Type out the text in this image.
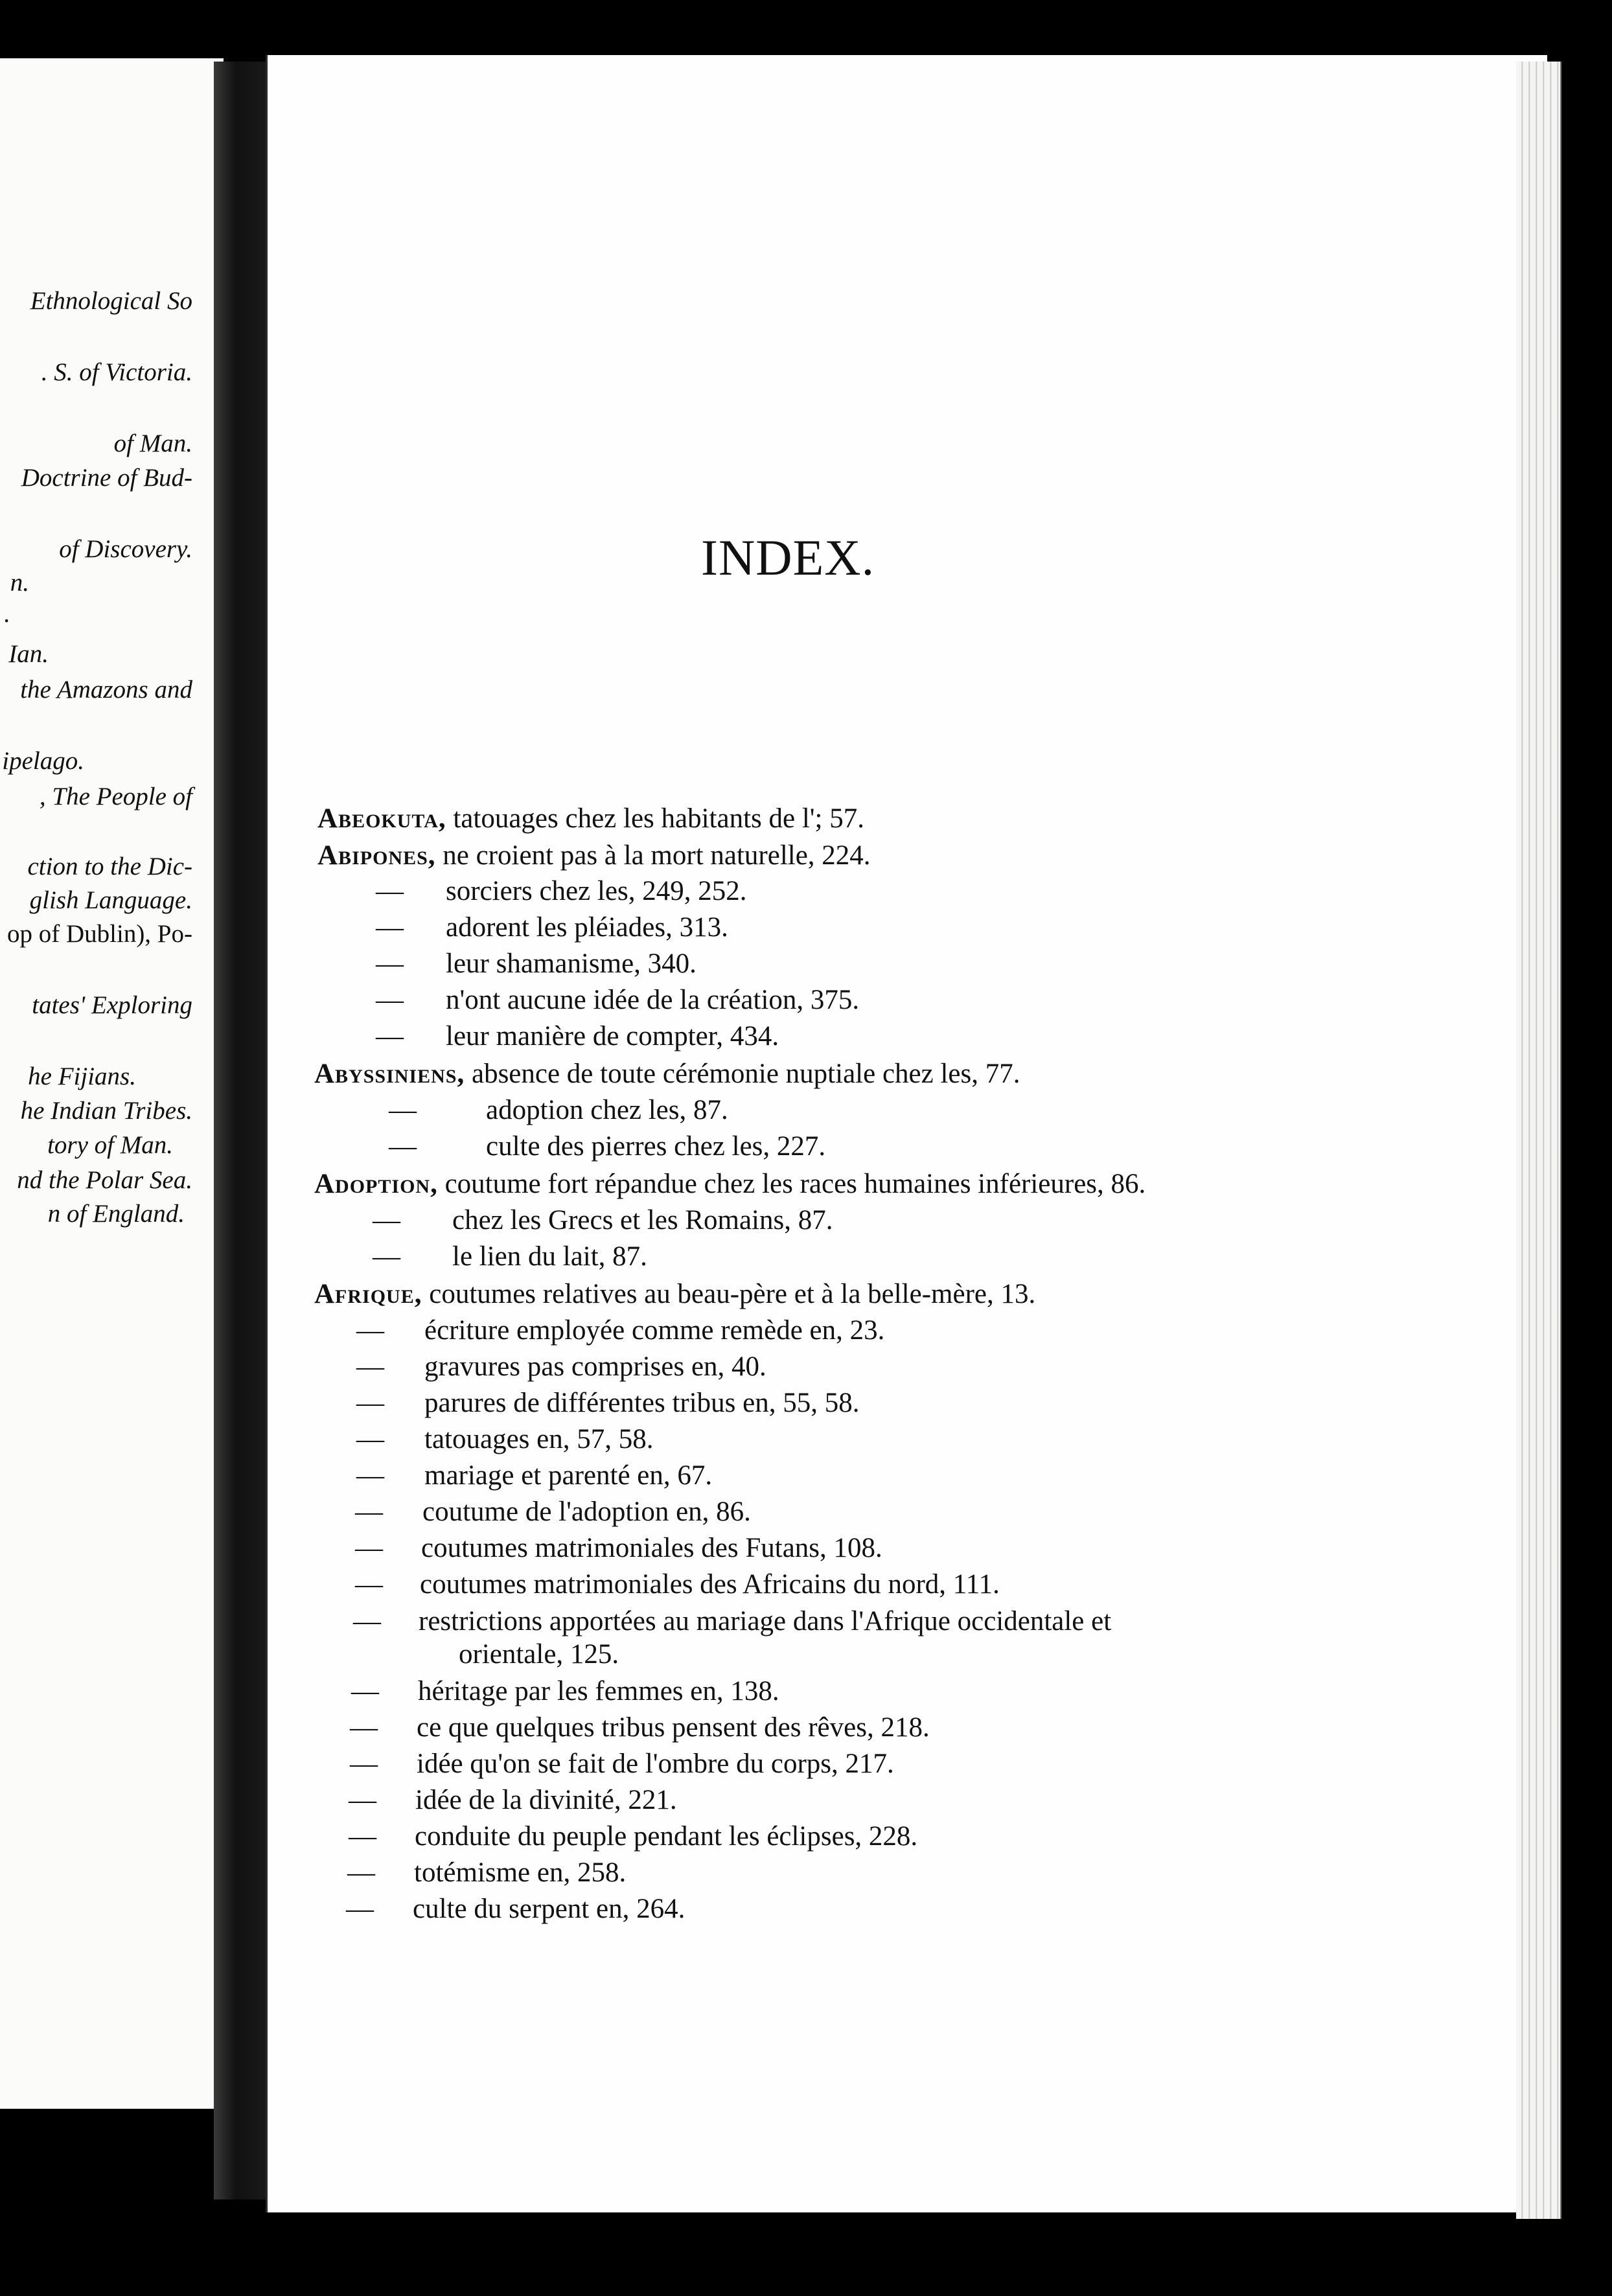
Ethnological So
. S. of Victoria.
of Man.
Doctrine of Bud-
of Discovery.
n.
.
Ian.
the Amazons and
ipelago.
, The People of
ction to the Dic-
glish Language.
op of Dublin), Po-
tates' Exploring
he Fijians.
he Indian Tribes.
tory of Man.
nd the Polar Sea.
n of England.
INDEX.
Abeokuta, tatouages chez les habitants de l'; 57.
Abipones, ne croient pas à la mort naturelle, 224.
— sorciers chez les, 249, 252.
— adorent les pléiades, 313.
— leur shamanisme, 340.
— n'ont aucune idée de la création, 375.
— leur manière de compter, 434.
Abyssiniens, absence de toute cérémonie nuptiale chez les, 77.
— adoption chez les, 87.
— culte des pierres chez les, 227.
Adoption, coutume fort répandue chez les races humaines inférieures, 86.
— chez les Grecs et les Romains, 87.
— le lien du lait, 87.
Afrique, coutumes relatives au beau-père et à la belle-mère, 13.
— écriture employée comme remède en, 23.
— gravures pas comprises en, 40.
— parures de différentes tribus en, 55, 58.
— tatouages en, 57, 58.
— mariage et parenté en, 67.
— coutume de l'adoption en, 86.
— coutumes matrimoniales des Futans, 108.
— coutumes matrimoniales des Africains du nord, 111.
— restrictions apportées au mariage dans l'Afrique occidentale et
orientale, 125.
— héritage par les femmes en, 138.
— ce que quelques tribus pensent des rêves, 218.
— idée qu'on se fait de l'ombre du corps, 217.
— idée de la divinité, 221.
— conduite du peuple pendant les éclipses, 228.
— totémisme en, 258.
— culte du serpent en, 264.
